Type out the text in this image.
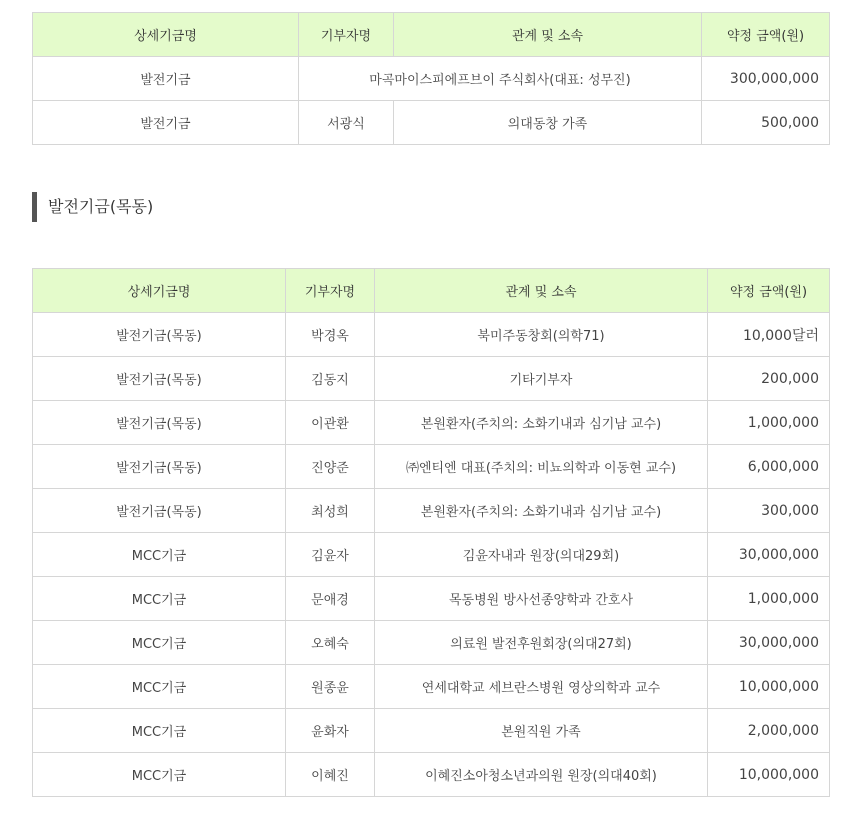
상세기금명	기부자명	관계 및 소속	약정 금액(원)
발전기금	마곡마이스피에프브이 주식회사(대표: 성무진)		300,000,000
발전기금	서광식	의대동창 가족	500,000
발전기금(목동)
상세기금명	기부자명	관계 및 소속	약정 금액(원)
발전기금(목동)	박경옥	북미주동창회(의학71)	10,000달러
발전기금(목동)	김동지	기타기부자	200,000
발전기금(목동)	이관환	본원환자(주치의: 소화기내과 심기남 교수)	1,000,000
발전기금(목동)	진양준	㈜엔티엔 대표(주치의: 비뇨의학과 이동현 교수)	6,000,000
발전기금(목동)	최성희	본원환자(주치의: 소화기내과 심기남 교수)	300,000
MCC기금	김윤자	김윤자내과 원장(의대29회)	30,000,000
MCC기금	문애경	목동병원 방사선종양학과 간호사	1,000,000
MCC기금	오혜숙	의료원 발전후원회장(의대27회)	30,000,000
MCC기금	원종윤	연세대학교 세브란스병원 영상의학과 교수	10,000,000
MCC기금	윤화자	본원직원 가족	2,000,000
MCC기금	이혜진	이혜진소아청소년과의원 원장(의대40회)	10,000,000
